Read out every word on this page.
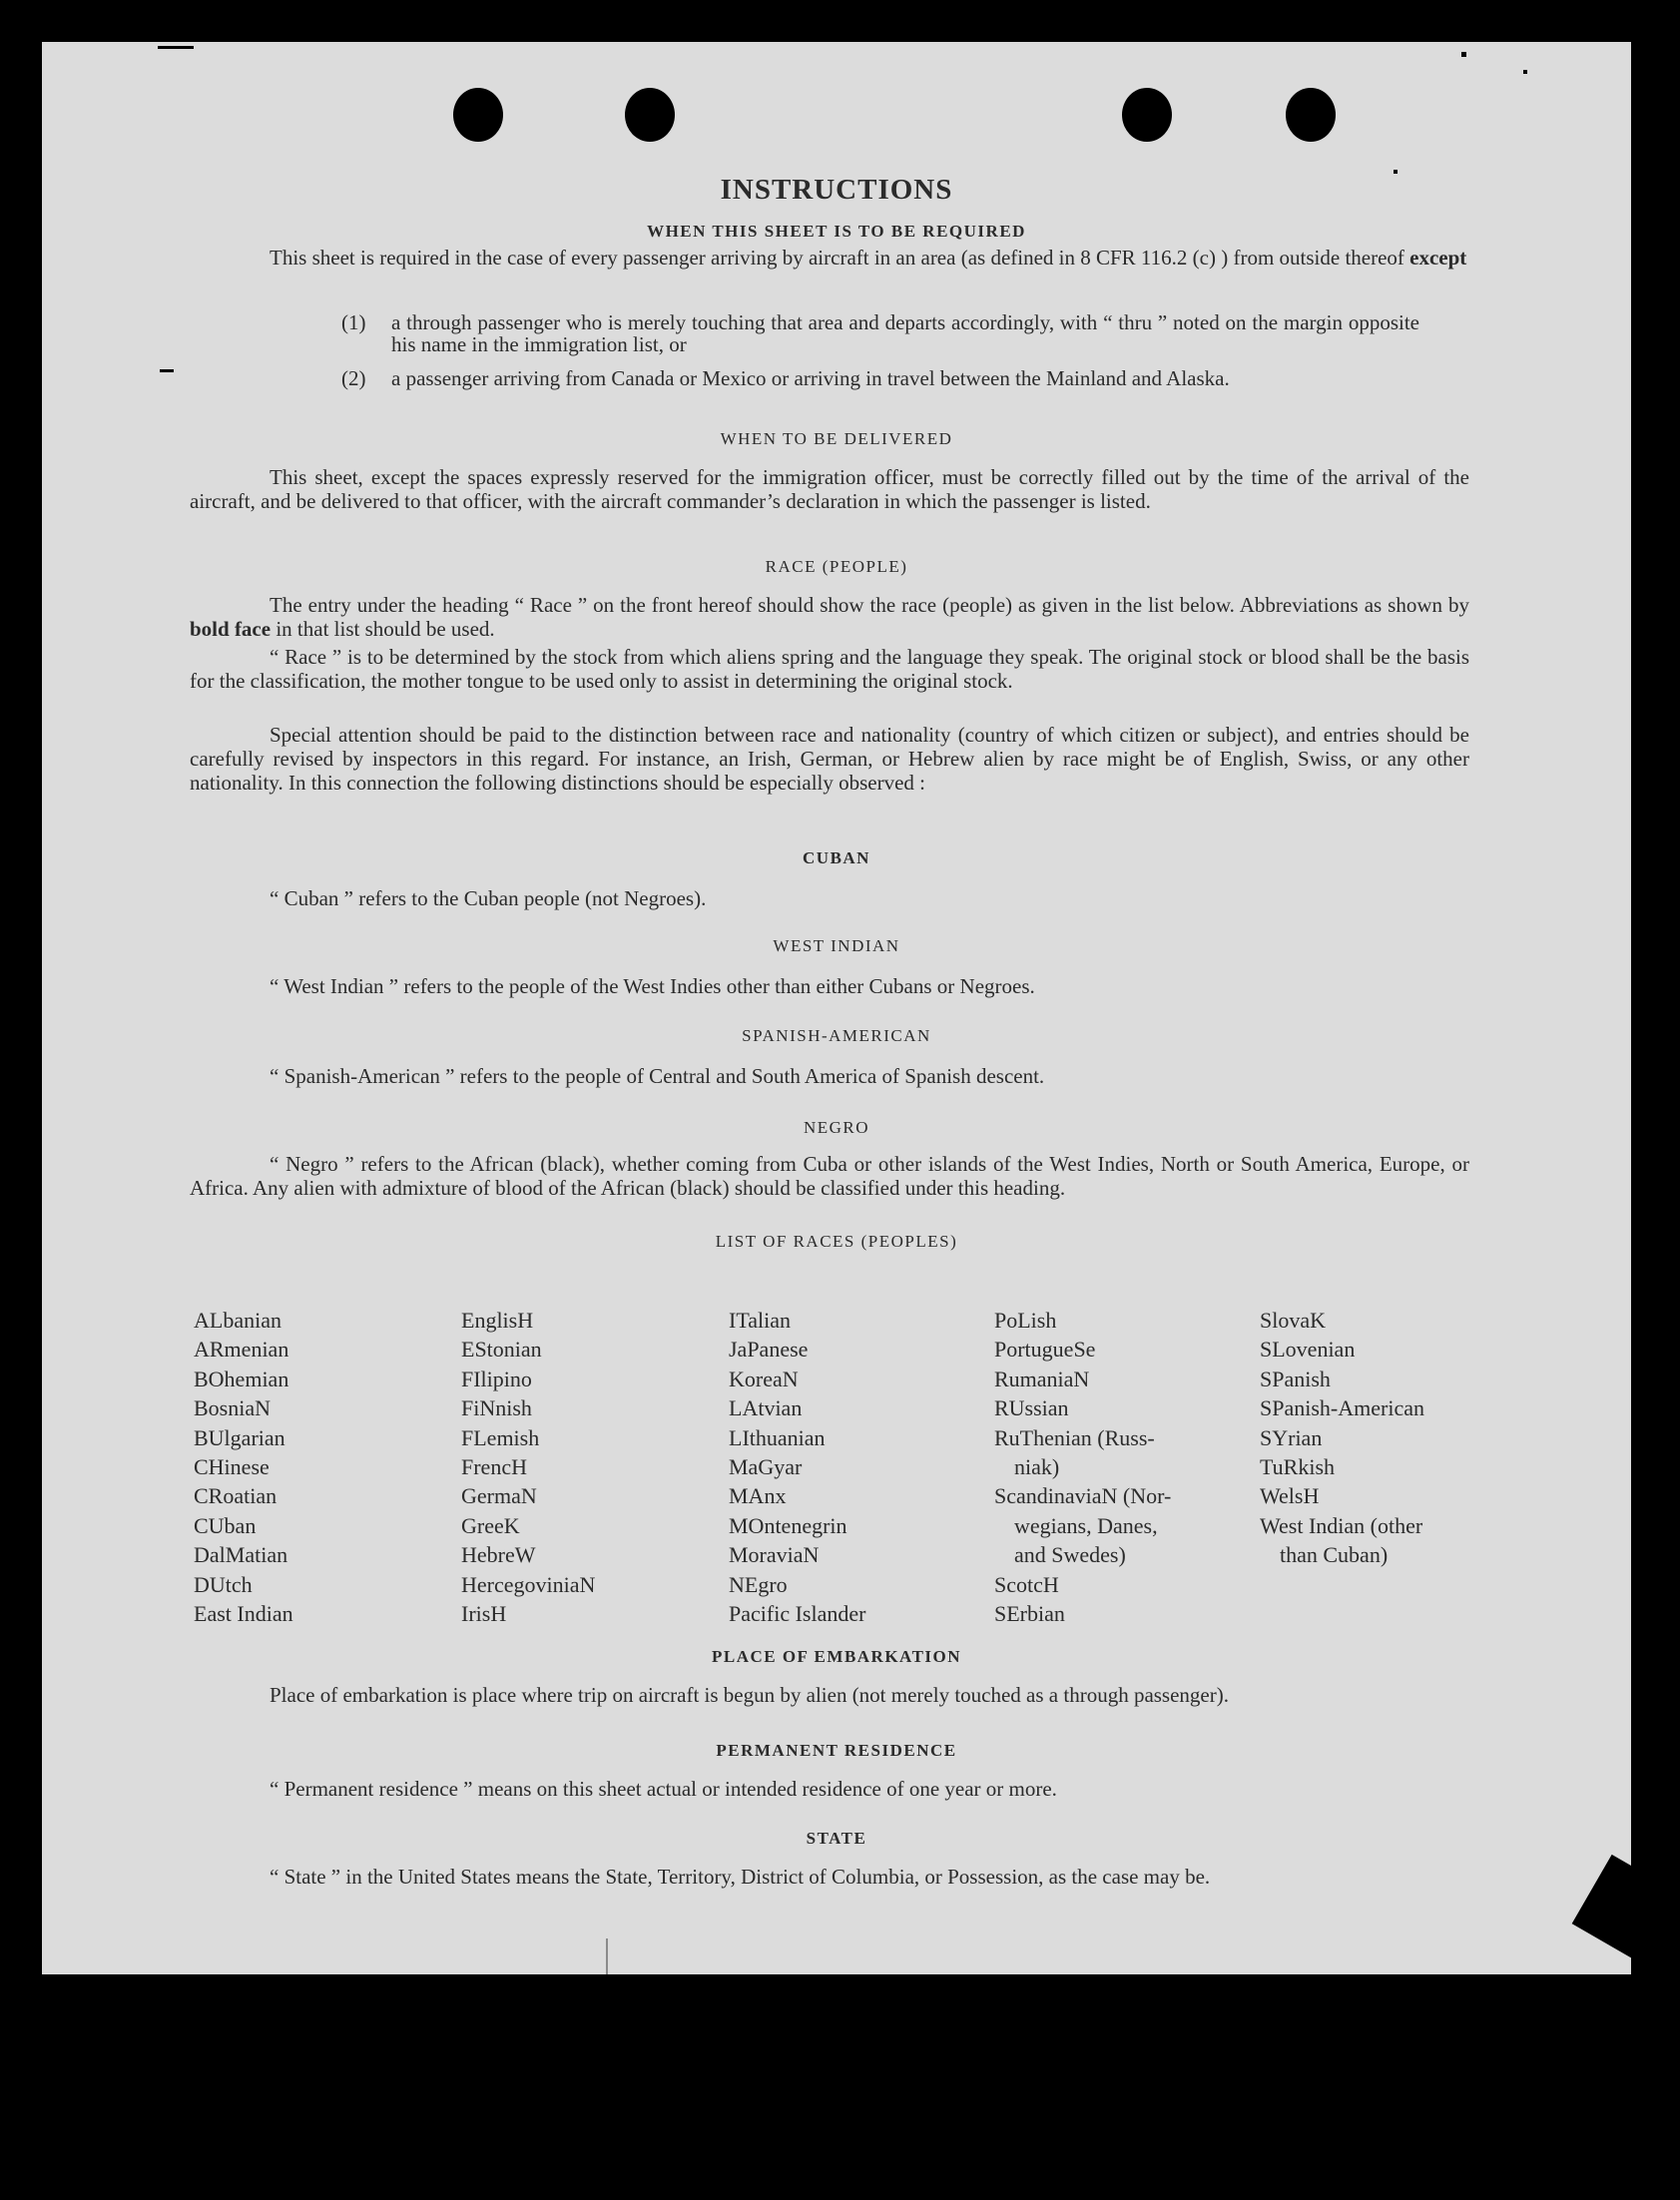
INSTRUCTIONS
WHEN THIS SHEET IS TO BE REQUIRED
This sheet is required in the case of every passenger arriving by aircraft in an area (as defined in 8 CFR 116.2 (c) ) from outside thereof except
(1) a through passenger who is merely touching that area and departs accordingly, with “ thru ” noted on the margin opposite his name in the immigration list, or
(2) a passenger arriving from Canada or Mexico or arriving in travel between the Mainland and Alaska.
WHEN TO BE DELIVERED
This sheet, except the spaces expressly reserved for the immigration officer, must be correctly filled out by the time of the arrival of the aircraft, and be delivered to that officer, with the aircraft commander’s declaration in which the passenger is listed.
RACE (PEOPLE)
The entry under the heading “ Race ” on the front hereof should show the race (people) as given in the list below. Abbreviations as shown by bold face in that list should be used.
“ Race ” is to be determined by the stock from which aliens spring and the language they speak. The original stock or blood shall be the basis for the classification, the mother tongue to be used only to assist in determining the original stock.
Special attention should be paid to the distinction between race and nationality (country of which citizen or subject), and entries should be carefully revised by inspectors in this regard. For instance, an Irish, German, or Hebrew alien by race might be of English, Swiss, or any other nationality. In this connection the following distinctions should be especially observed :
CUBAN
“ Cuban ” refers to the Cuban people (not Negroes).
WEST INDIAN
“ West Indian ” refers to the people of the West Indies other than either Cubans or Negroes.
SPANISH-AMERICAN
“ Spanish-American ” refers to the people of Central and South America of Spanish descent.
NEGRO
“ Negro ” refers to the African (black), whether coming from Cuba or other islands of the West Indies, North or South America, Europe, or Africa. Any alien with admixture of blood of the African (black) should be classified under this heading.
LIST OF RACES (PEOPLES)
ALbanian
ARmenian
BOhemian
BosniaN
BUlgarian
CHinese
CRoatian
CUban
DalMatian
DUtch
East Indian
EnglisH
EStonian
FIlipino
FiNnish
FLemish
FrencH
GermaN
GreeK
HebreW
HercegoviniaN
IrisH
ITalian
JaPanese
KoreaN
LAtvian
LIthuanian
MaGyar
MAnx
MOntenegrin
MoraviaN
NEgro
Pacific Islander
PoLish
PortugueSe
RumaniaN
RUssian
RuThenian (Russ-
niak)
ScandinaviaN (Nor-
wegians, Danes,
and Swedes)
ScotcH
SErbian
SlovaK
SLovenian
SPanish
SPanish-American
SYrian
TuRkish
WelsH
West Indian (other
than Cuban)
PLACE OF EMBARKATION
Place of embarkation is place where trip on aircraft is begun by alien (not merely touched as a through passenger).
PERMANENT RESIDENCE
“ Permanent residence ” means on this sheet actual or intended residence of one year or more.
STATE
“ State ” in the United States means the State, Territory, District of Columbia, or Possession, as the case may be.
